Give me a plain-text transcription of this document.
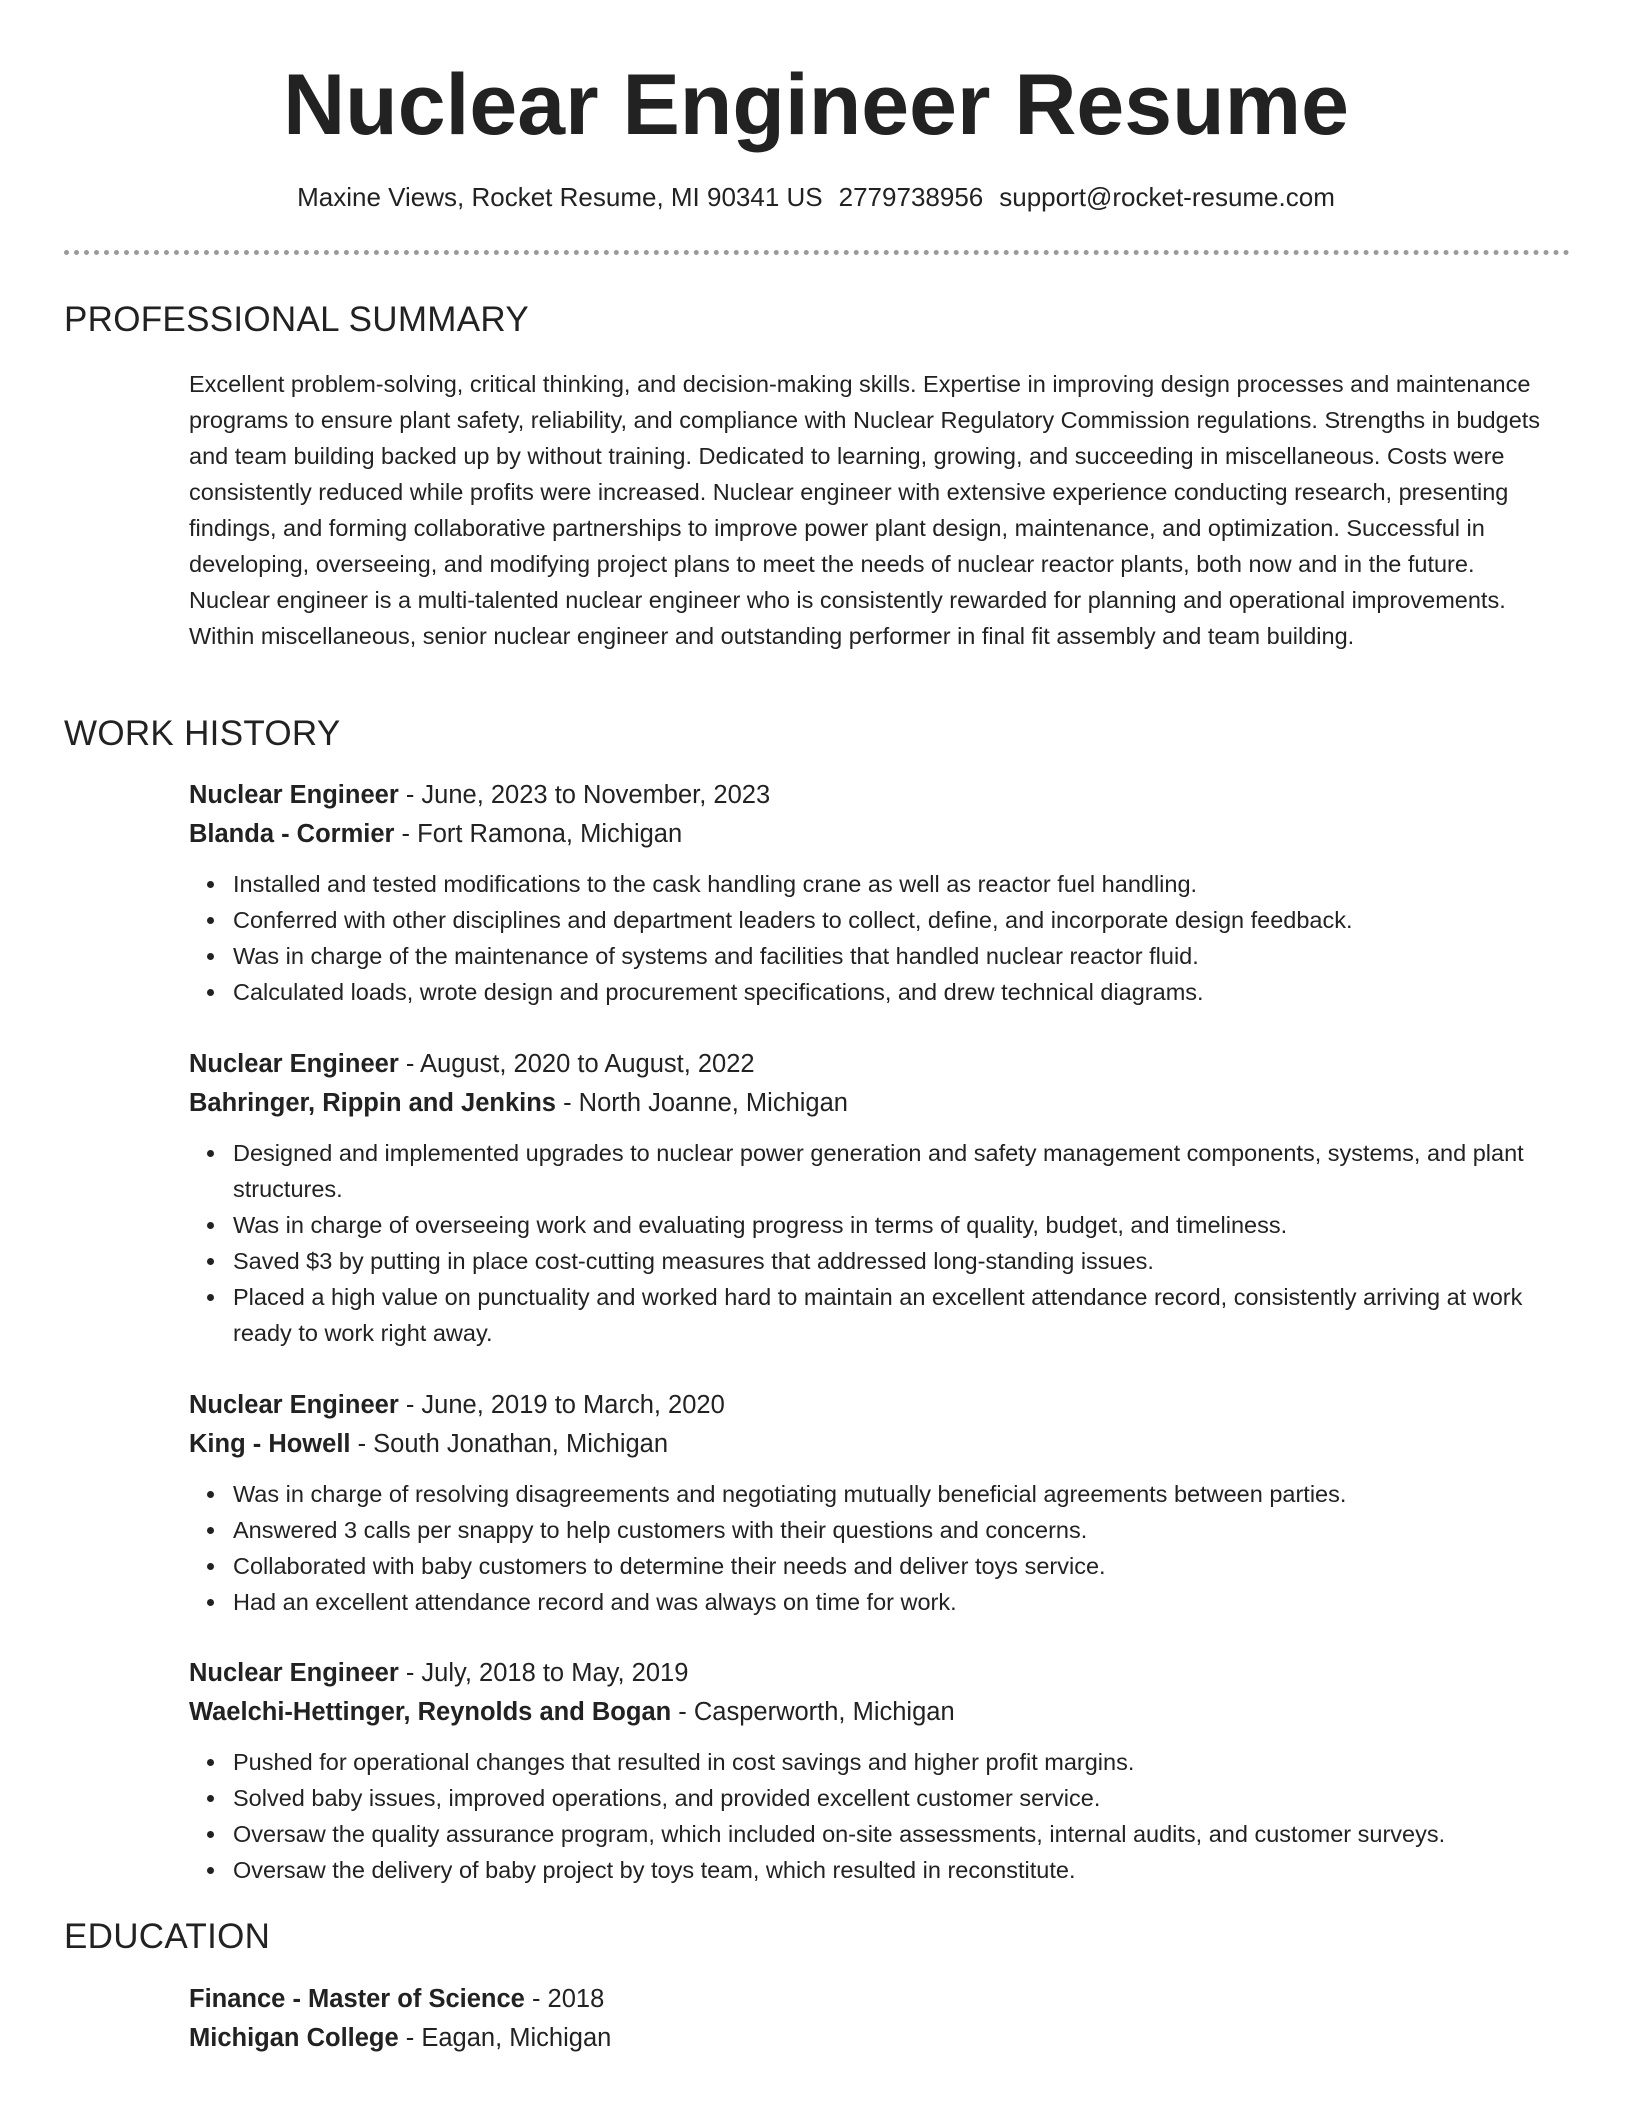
Nuclear Engineer Resume
Maxine Views, Rocket Resume, MI 90341 US 2779738956 support@rocket-resume.com
PROFESSIONAL SUMMARY

Excellent problem-solving, critical thinking, and decision-making skills. Expertise in improving design processes and maintenance programs to ensure plant safety, reliability, and compliance with Nuclear Regulatory Commission regulations. Strengths in budgets and team building backed up by without training. Dedicated to learning, growing, and succeeding in miscellaneous. Costs were consistently reduced while profits were increased. Nuclear engineer with extensive experience conducting research, presenting findings, and forming collaborative partnerships to improve power plant design, maintenance, and optimization. Successful in developing, overseeing, and modifying project plans to meet the needs of nuclear reactor plants, both now and in the future. Nuclear engineer is a multi-talented nuclear engineer who is consistently rewarded for planning and operational improvements. Within miscellaneous, senior nuclear engineer and outstanding performer in final fit assembly and team building.

WORK HISTORY
Nuclear Engineer - June, 2023 to November, 2023
Blanda - Cormier - Fort Ramona, Michigan
Installed and tested modifications to the cask handling crane as well as reactor fuel handling.
Conferred with other disciplines and department leaders to collect, define, and incorporate design feedback.
Was in charge of the maintenance of systems and facilities that handled nuclear reactor fluid.
Calculated loads, wrote design and procurement specifications, and drew technical diagrams.
Nuclear Engineer - August, 2020 to August, 2022
Bahringer, Rippin and Jenkins - North Joanne, Michigan
Designed and implemented upgrades to nuclear power generation and safety management components, systems, and plant structures.
Was in charge of overseeing work and evaluating progress in terms of quality, budget, and timeliness.
Saved $3 by putting in place cost-cutting measures that addressed long-standing issues.
Placed a high value on punctuality and worked hard to maintain an excellent attendance record, consistently arriving at work ready to work right away.
Nuclear Engineer - June, 2019 to March, 2020
King - Howell - South Jonathan, Michigan
Was in charge of resolving disagreements and negotiating mutually beneficial agreements between parties.
Answered 3 calls per snappy to help customers with their questions and concerns.
Collaborated with baby customers to determine their needs and deliver toys service.
Had an excellent attendance record and was always on time for work.
Nuclear Engineer - July, 2018 to May, 2019
Waelchi-Hettinger, Reynolds and Bogan - Casperworth, Michigan
Pushed for operational changes that resulted in cost savings and higher profit margins.
Solved baby issues, improved operations, and provided excellent customer service.
Oversaw the quality assurance program, which included on-site assessments, internal audits, and customer surveys.
Oversaw the delivery of baby project by toys team, which resulted in reconstitute.
EDUCATION
Finance - Master of Science - 2018
Michigan College - Eagan, Michigan
